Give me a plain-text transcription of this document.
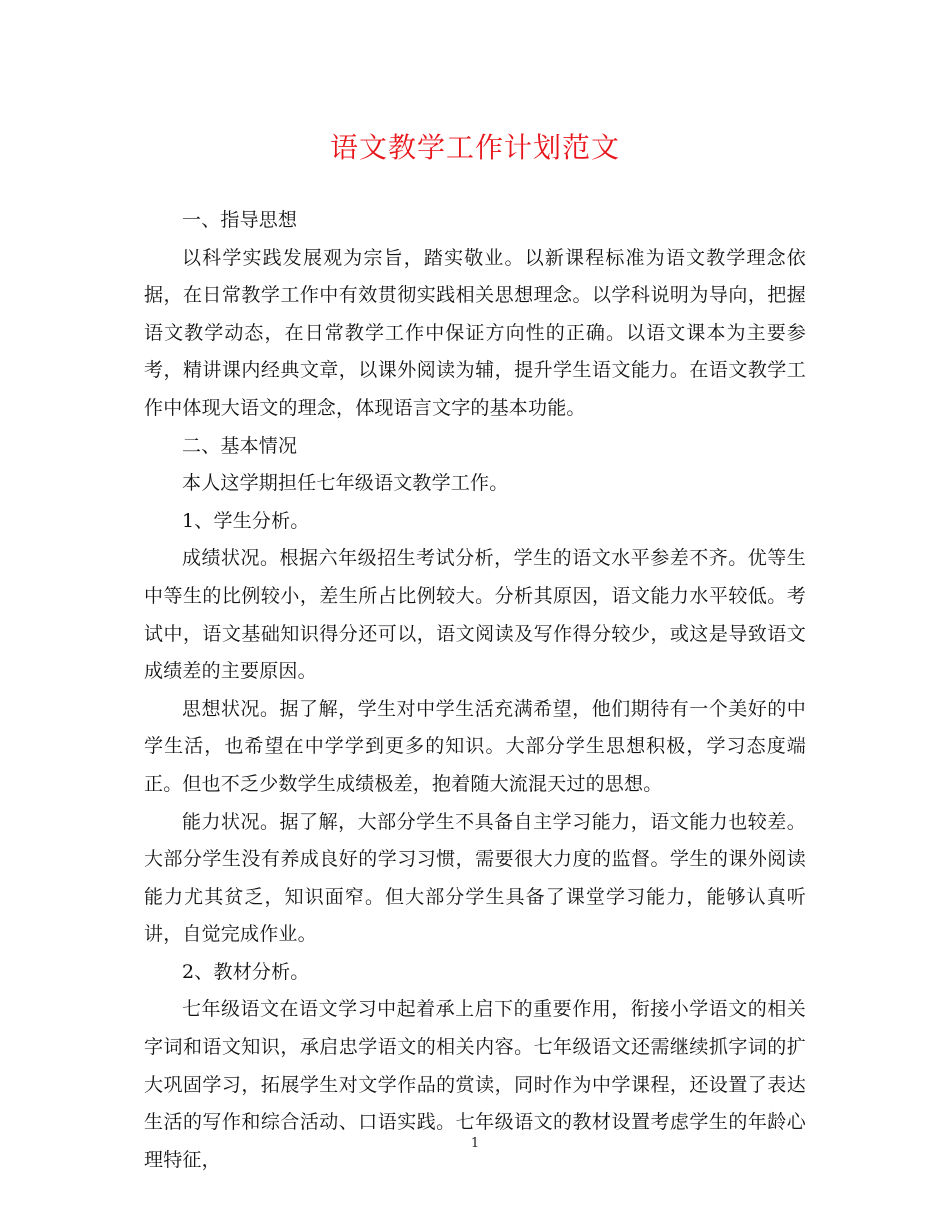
语文教学工作计划范文

一、指导思想

以科学实践发展观为宗旨，踏实敬业。以新课程标准为语文教学理念依据，在日常教学工作中有效贯彻实践相关思想理念。以学科说明为导向，把握语文教学动态，在日常教学工作中保证方向性的正确。以语文课本为主要参考，精讲课内经典文章，以课外阅读为辅，提升学生语文能力。在语文教学工作中体现大语文的理念，体现语言文字的基本功能。

二、基本情况

本人这学期担任七年级语文教学工作。

1、学生分析。

成绩状况。根据六年级招生考试分析，学生的语文水平参差不齐。优等生中等生的比例较小，差生所占比例较大。分析其原因，语文能力水平较低。考试中，语文基础知识得分还可以，语文阅读及写作得分较少，或这是导致语文成绩差的主要原因。

思想状况。据了解，学生对中学生活充满希望，他们期待有一个美好的中学生活，也希望在中学学到更多的知识。大部分学生思想积极，学习态度端正。但也不乏少数学生成绩极差，抱着随大流混天过的思想。

能力状况。据了解，大部分学生不具备自主学习能力，语文能力也较差。大部分学生没有养成良好的学习习惯，需要很大力度的监督。学生的课外阅读能力尤其贫乏，知识面窄。但大部分学生具备了课堂学习能力，能够认真听讲，自觉完成作业。

2、教材分析。

七年级语文在语文学习中起着承上启下的重要作用，衔接小学语文的相关字词和语文知识，承启忠学语文的相关内容。七年级语文还需继续抓字词的扩大巩固学习，拓展学生对文学作品的赏读，同时作为中学课程，还设置了表达生活的写作和综合活动、口语实践。七年级语文的教材设置考虑学生的年龄心理特征，

1
